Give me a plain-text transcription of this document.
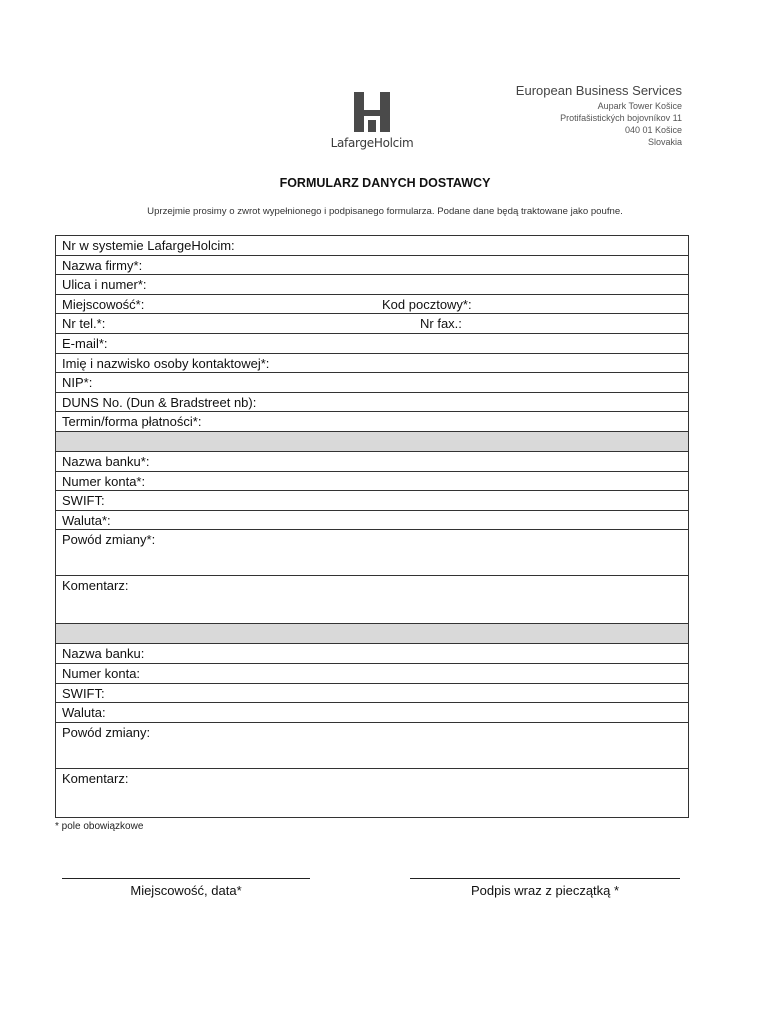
LafargeHolcim
European Business Services
Aupark Tower Košice
Protifašistických bojovníkov 11
040 01 Košice
Slovakia
FORMULARZ DANYCH DOSTAWCY
Uprzejmie prosimy o zwrot wypełnionego i podpisanego formularza. Podane dane będą traktowane jako poufne.
Nr w systemie LafargeHolcim:
Nazwa firmy*:
Ulica i numer*:
Miejscowość*:	Kod pocztowy*:
Nr tel.*:	Nr fax.:
E-mail*:
Imię i nazwisko osoby kontaktowej*:
NIP*:
DUNS No. (Dun & Bradstreet nb):
Termin/forma płatności*:
Nazwa banku*:
Numer konta*:
SWIFT:
Waluta*:
Powód zmiany*:
Komentarz:
Nazwa banku:
Numer konta:
SWIFT:
Waluta:
Powód zmiany:
Komentarz:
* pole obowiązkowe
Miejscowość, data*	Podpis wraz z pieczątką *
